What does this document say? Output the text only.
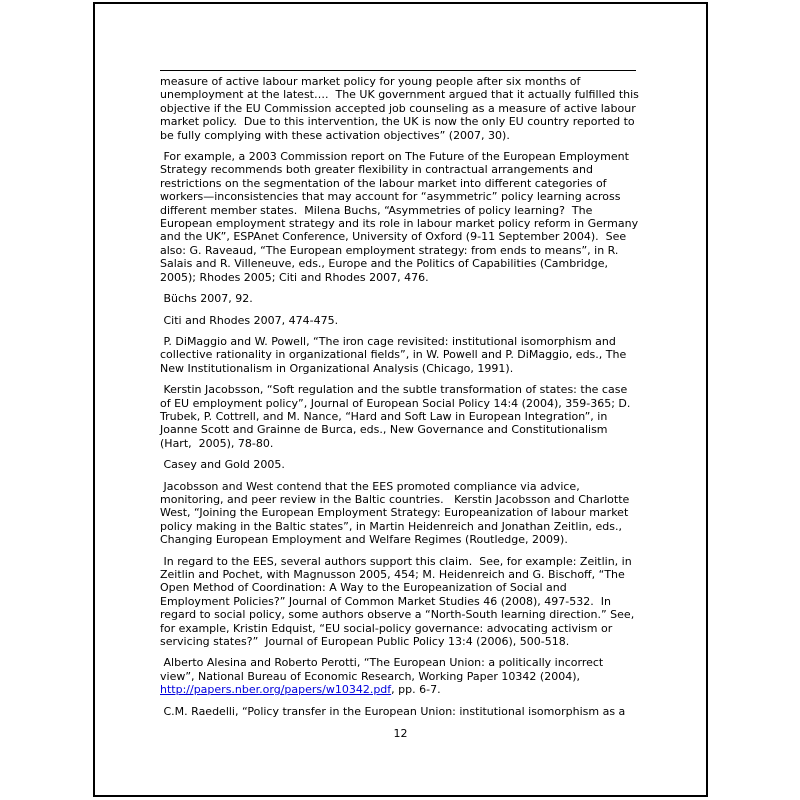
measure of active labour market policy for young people after six months of unemployment at the latest….  The UK government argued that it actually fulfilled this objective if the EU Commission accepted job counseling as a measure of active labour market policy.  Due to this intervention, the UK is now the only EU country reported to be fully complying with these activation objectives” (2007, 30).

For example, a 2003 Commission report on The Future of the European Employment Strategy recommends both greater flexibility in contractual arrangements and restrictions on the segmentation of the labour market into different categories of workers—inconsistencies that may account for “asymmetric” policy learning across different member states.  Milena Buchs, “Asymmetries of policy learning?  The European employment strategy and its role in labour market policy reform in Germany and the UK”, ESPAnet Conference, University of Oxford (9-11 September 2004).  See also: G. Raveaud, “The European employment strategy: from ends to means”, in R. Salais and R. Villeneuve, eds., Europe and the Politics of Capabilities (Cambridge, 2005); Rhodes 2005; Citi and Rhodes 2007, 476.

Büchs 2007, 92.

Citi and Rhodes 2007, 474-475.

P. DiMaggio and W. Powell, “The iron cage revisited: institutional isomorphism and collective rationality in organizational fields”, in W. Powell and P. DiMaggio, eds., The New Institutionalism in Organizational Analysis (Chicago, 1991).

Kerstin Jacobsson, “Soft regulation and the subtle transformation of states: the case of EU employment policy”, Journal of European Social Policy 14:4 (2004), 359-365; D. Trubek, P. Cottrell, and M. Nance, “Hard and Soft Law in European Integration”, in Joanne Scott and Grainne de Burca, eds., New Governance and Constitutionalism (Hart,  2005), 78-80.

Casey and Gold 2005.

Jacobsson and West contend that the EES promoted compliance via advice, monitoring, and peer review in the Baltic countries.   Kerstin Jacobsson and Charlotte West, “Joining the European Employment Strategy: Europeanization of labour market policy making in the Baltic states”, in Martin Heidenreich and Jonathan Zeitlin, eds., Changing European Employment and Welfare Regimes (Routledge, 2009).

In regard to the EES, several authors support this claim.  See, for example: Zeitlin, in Zeitlin and Pochet, with Magnusson 2005, 454; M. Heidenreich and G. Bischoff, “The Open Method of Coordination: A Way to the Europeanization of Social and Employment Policies?” Journal of Common Market Studies 46 (2008), 497-532.  In regard to social policy, some authors observe a “North-South learning direction.” See, for example, Kristin Edquist, “EU social-policy governance: advocating activism or servicing states?”  Journal of European Public Policy 13:4 (2006), 500-518.

Alberto Alesina and Roberto Perotti, “The European Union: a politically incorrect view”, National Bureau of Economic Research, Working Paper 10342 (2004), http://papers.nber.org/papers/w10342.pdf, pp. 6-7.

C.M. Raedelli, “Policy transfer in the European Union: institutional isomorphism as a

12
